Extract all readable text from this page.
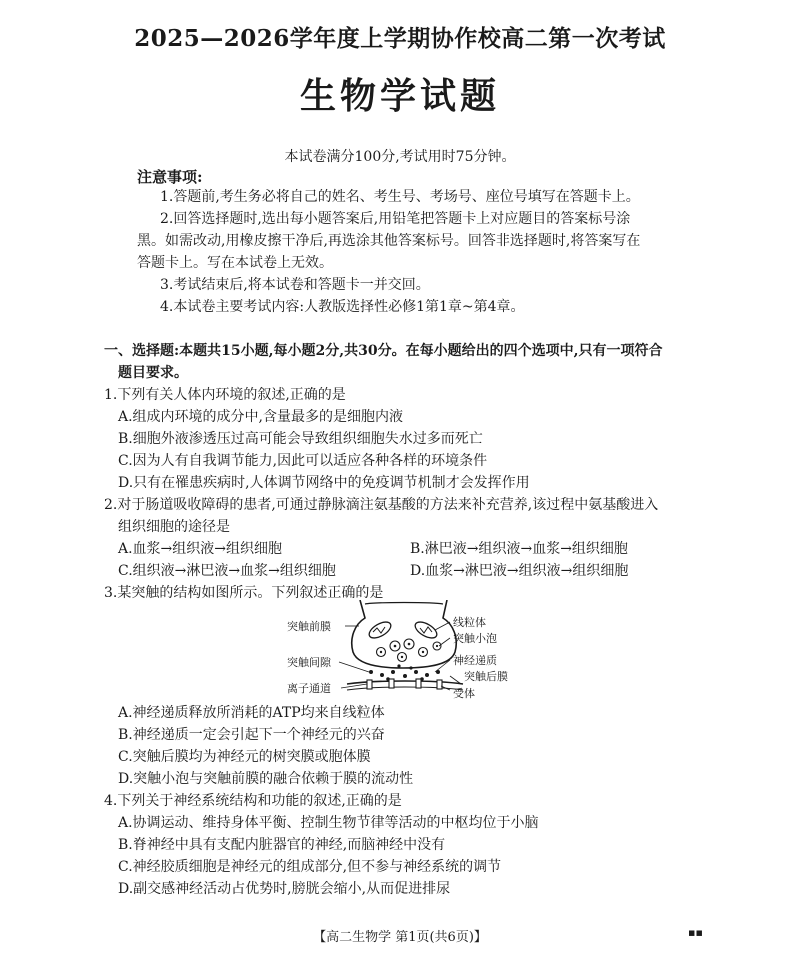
2025—2026学年度上学期协作校高二第一次考试
生物学试题
本试卷满分100分,考试用时75分钟。
注意事项:
1.答题前,考生务必将自己的姓名、考生号、考场号、座位号填写在答题卡上。
2.回答选择题时,选出每小题答案后,用铅笔把答题卡上对应题目的答案标号涂
黑。如需改动,用橡皮擦干净后,再选涂其他答案标号。回答非选择题时,将答案写在
答题卡上。写在本试卷上无效。
3.考试结束后,将本试卷和答题卡一并交回。
4.本试卷主要考试内容:人教版选择性必修1第1章~第4章。
一、选择题:本题共15小题,每小题2分,共30分。在每小题给出的四个选项中,只有一项符合
题目要求。
1.下列有关人体内环境的叙述,正确的是
A.组成内环境的成分中,含量最多的是细胞内液
B.细胞外液渗透压过高可能会导致组织细胞失水过多而死亡
C.因为人有自我调节能力,因此可以适应各种各样的环境条件
D.只有在罹患疾病时,人体调节网络中的免疫调节机制才会发挥作用
2.对于肠道吸收障碍的患者,可通过静脉滴注氨基酸的方法来补充营养,该过程中氨基酸进入
组织细胞的途径是
A.血浆→组织液→组织细胞	B.淋巴液→组织液→血浆→组织细胞
C.组织液→淋巴液→血浆→组织细胞	D.血浆→淋巴液→组织液→组织细胞
3.某突触的结构如图所示。下列叙述正确的是
突触前膜
突触间隙
离子通道
线粒体
突触小泡
神经递质
突触后膜
受体
A.神经递质释放所消耗的ATP均来自线粒体
B.神经递质一定会引起下一个神经元的兴奋
C.突触后膜均为神经元的树突膜或胞体膜
D.突触小泡与突触前膜的融合依赖于膜的流动性
4.下列关于神经系统结构和功能的叙述,正确的是
A.协调运动、维持身体平衡、控制生物节律等活动的中枢均位于小脑
B.脊神经中具有支配内脏器官的神经,而脑神经中没有
C.神经胶质细胞是神经元的组成部分,但不参与神经系统的调节
D.副交感神经活动占优势时,膀胱会缩小,从而促进排尿
【高二生物学 第1页(共6页)】	▪▪
